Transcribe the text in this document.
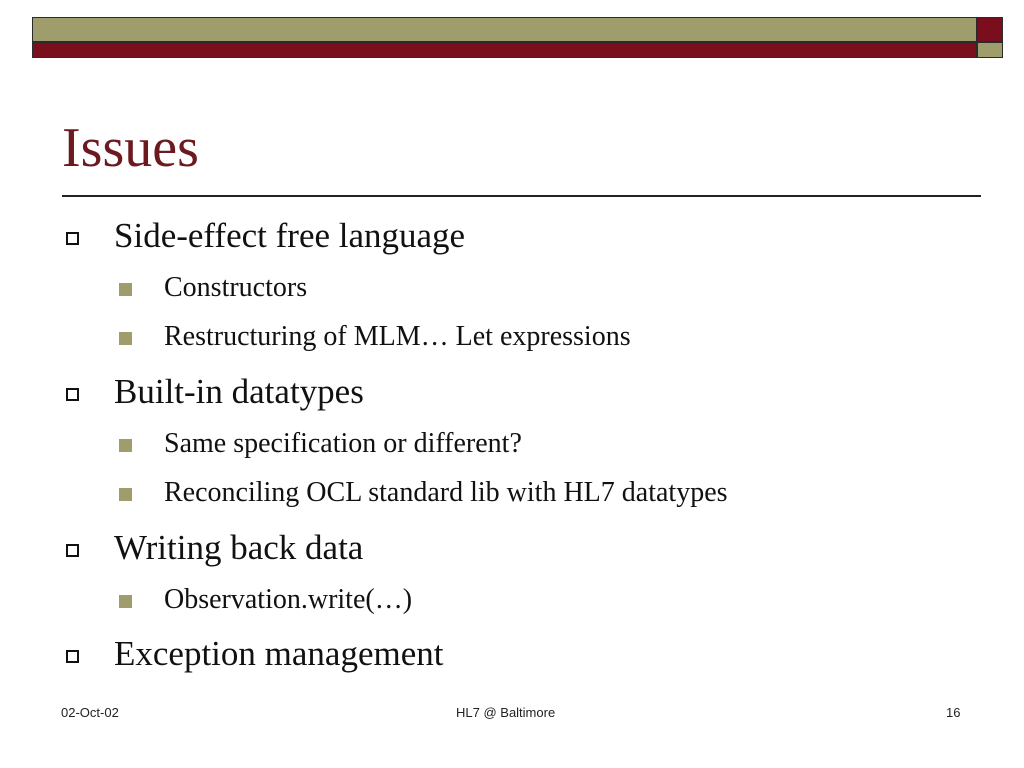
Issues
Side-effect free language
Constructors
Restructuring of MLM… Let expressions
Built-in datatypes
Same specification or different?
Reconciling OCL standard lib with HL7 datatypes
Writing back data
Observation.write(…)
Exception management
02-Oct-02	HL7 @ Baltimore	16
